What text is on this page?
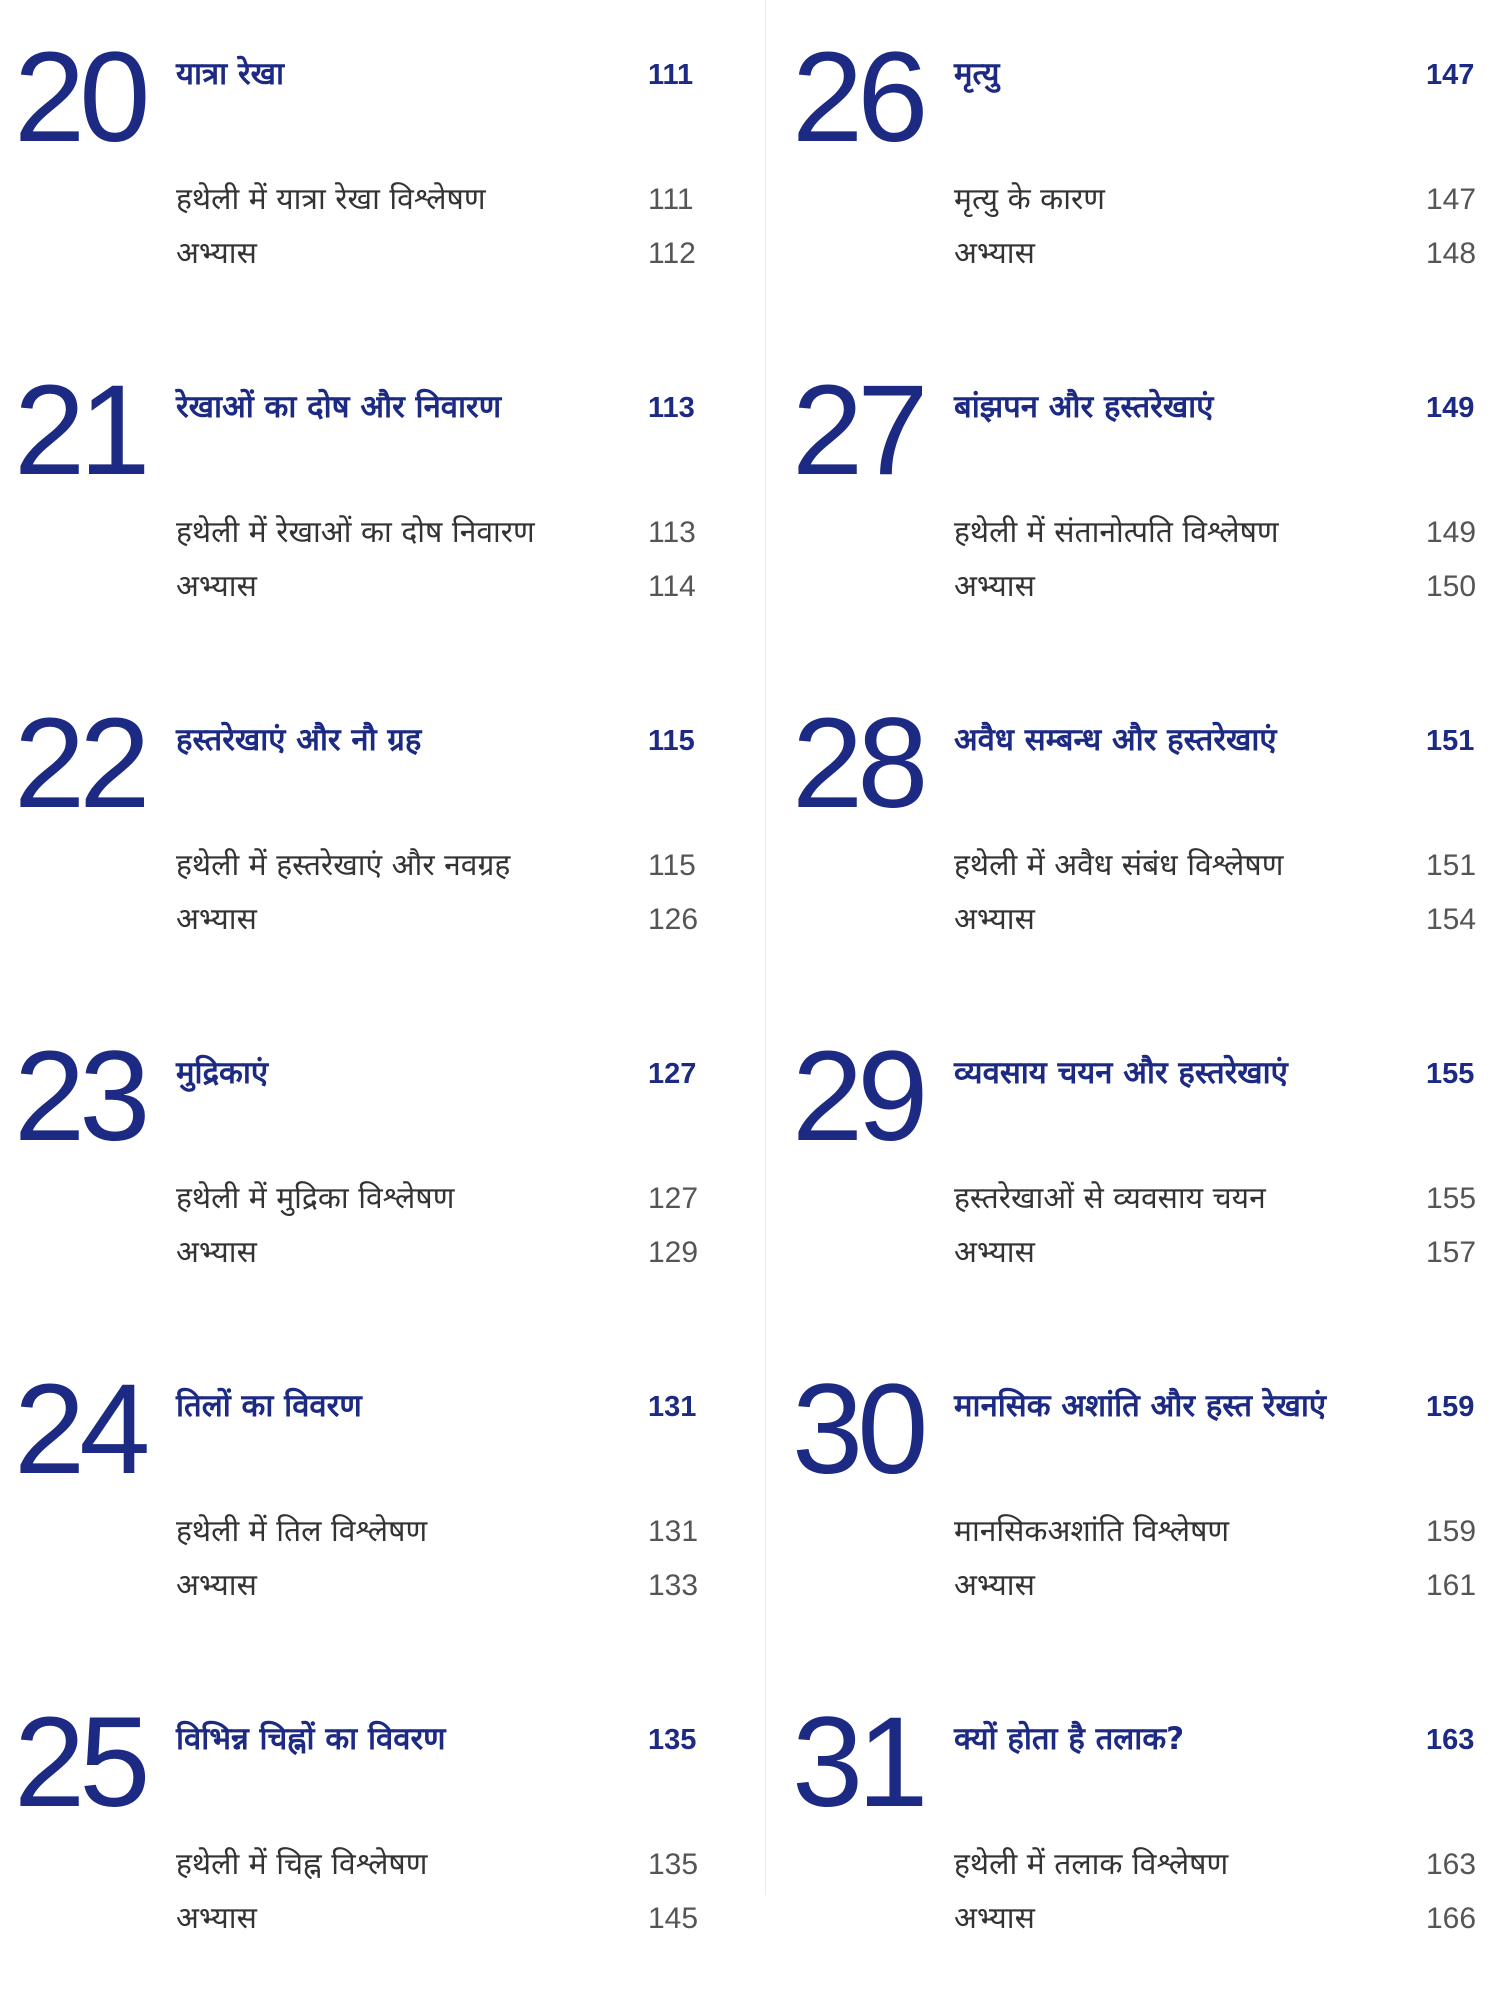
20 यात्रा रेखा	111
हथेली में यात्रा रेखा विश्लेषण	111
अभ्यास	112
21 रेखाओं का दोष और निवारण	113
हथेली में रेखाओं का दोष निवारण	113
अभ्यास	114
22 हस्तरेखाएं और नौ ग्रह	115
हथेली में हस्तरेखाएं और नवग्रह	115
अभ्यास	126
23 मुद्रिकाएं	127
हथेली में मुद्रिका विश्लेषण	127
अभ्यास	129
24 तिलों का विवरण	131
हथेली में तिल विश्लेषण	131
अभ्यास	133
25 विभिन्न चिह्नों का विवरण	135
हथेली में चिह्न विश्लेषण	135
अभ्यास	145
26 मृत्यु	147
मृत्यु के कारण	147
अभ्यास	148
27 बांझपन और हस्तरेखाएं	149
हथेली में संतानोत्पति विश्लेषण	149
अभ्यास	150
28 अवैध सम्बन्ध और हस्तरेखाएं	151
हथेली में अवैध संबंध विश्लेषण	151
अभ्यास	154
29 व्यवसाय चयन और हस्तरेखाएं	155
हस्तरेखाओं से व्यवसाय चयन	155
अभ्यास	157
30 मानसिक अशांति और हस्त रेखाएं	159
मानसिकअशांति विश्लेषण	159
अभ्यास	161
31 क्यों होता है तलाक?	163
हथेली में तलाक विश्लेषण	163
अभ्यास	166
